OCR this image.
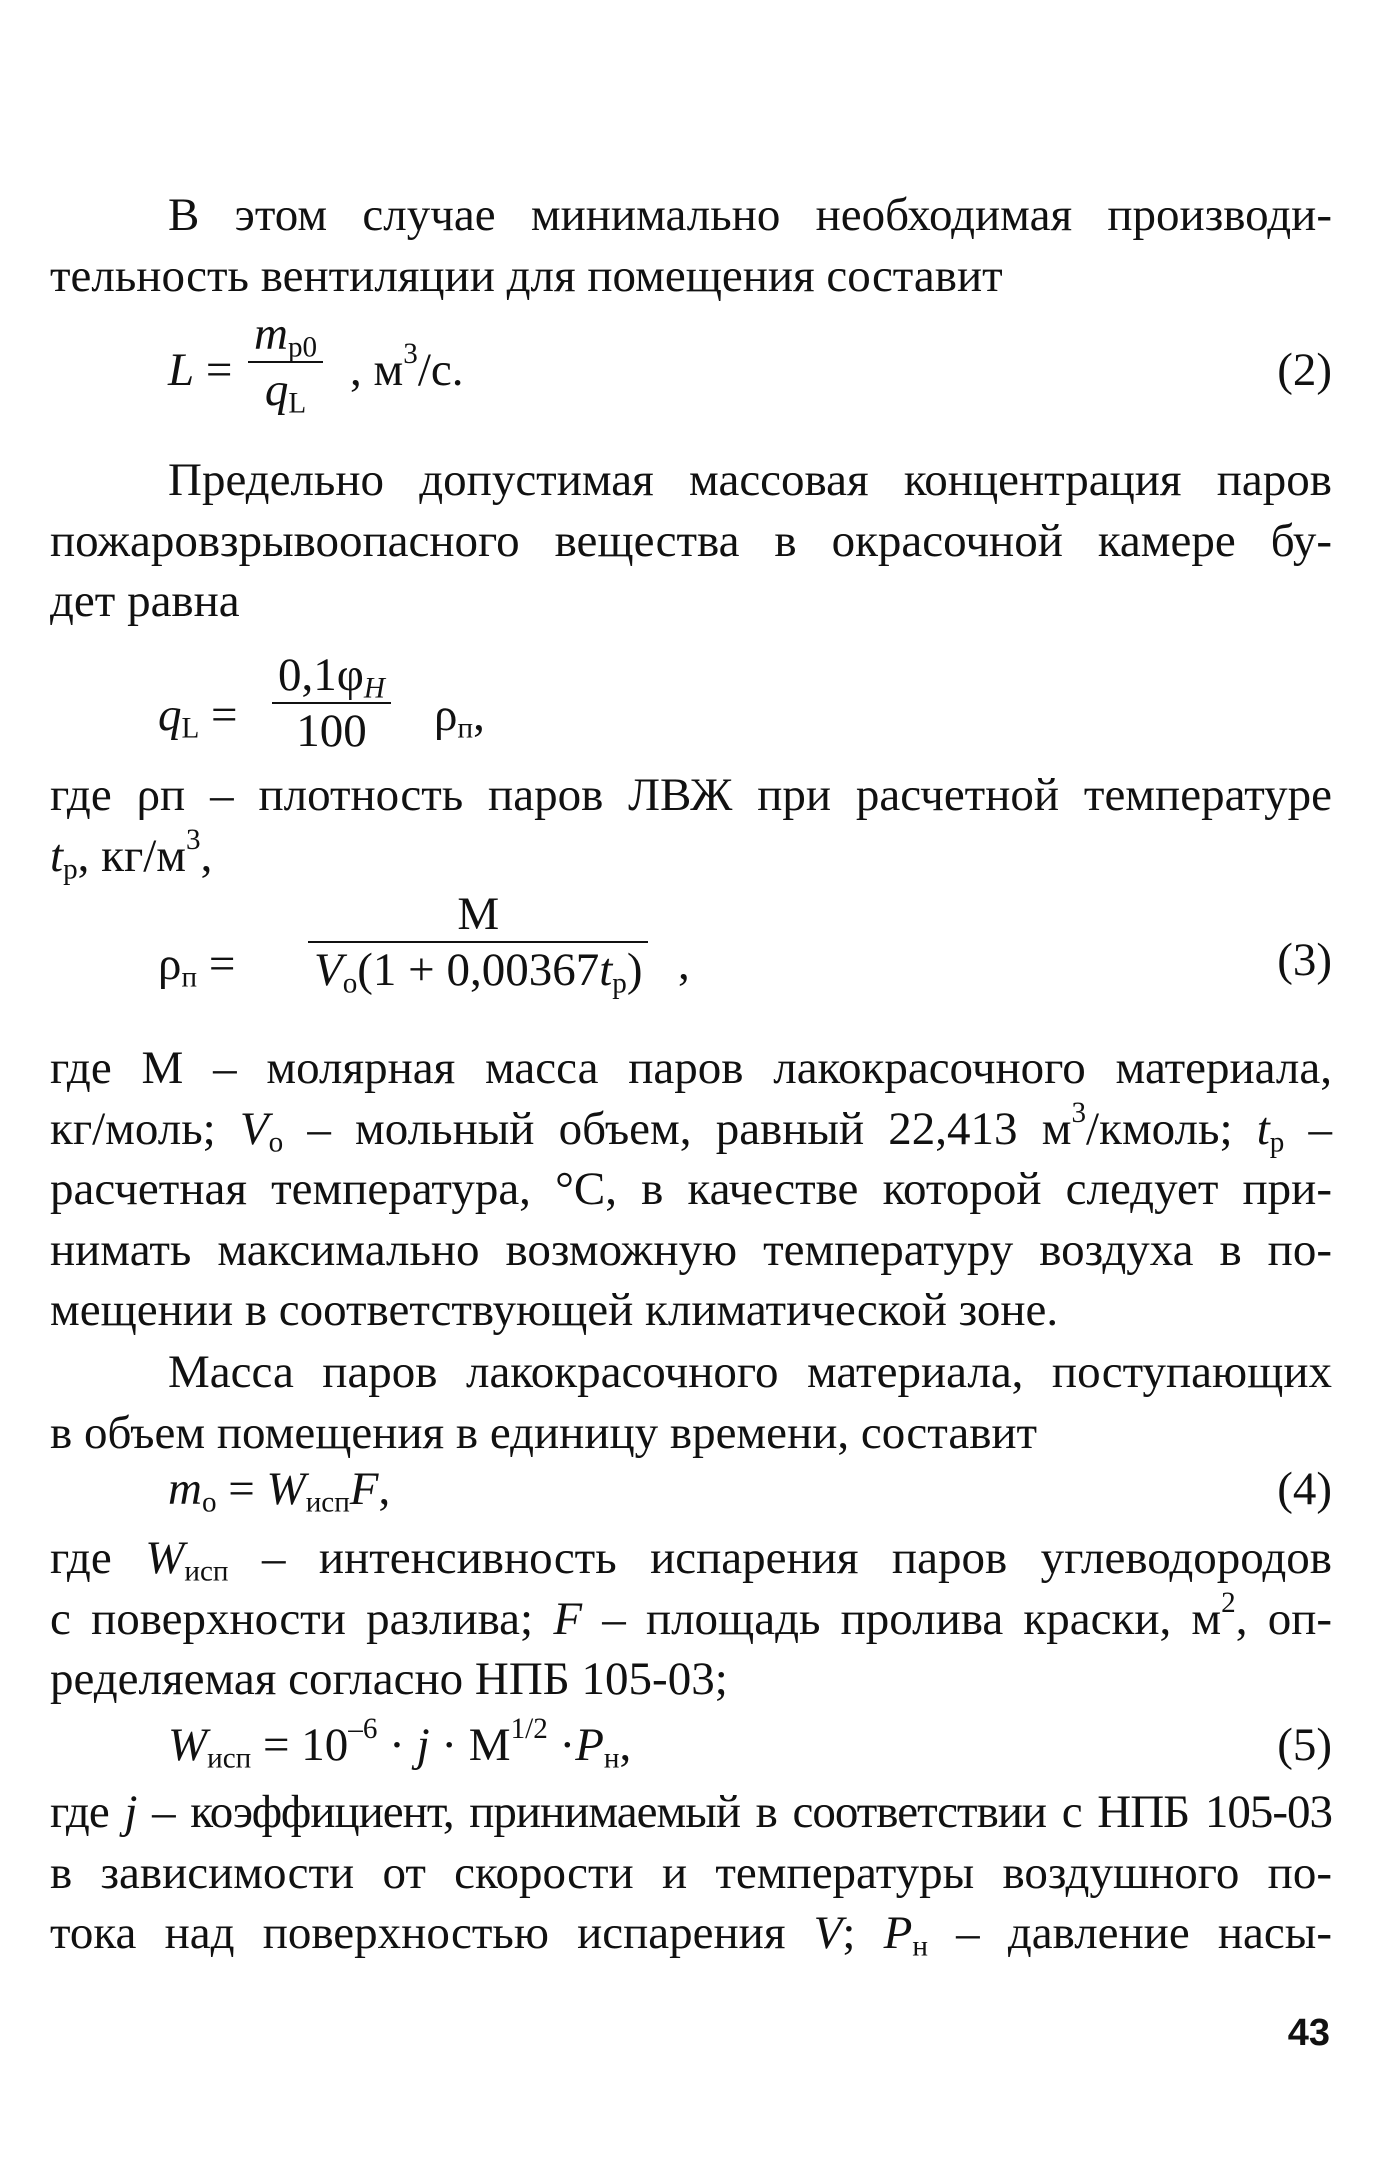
В этом случае минимально необходимая производи-
тельность вентиляции для помещения составит
L =
$m_{р0}$
$q_L$
, $м^3/с$.	(2)
Предельно допустимая массовая концентрация паров
пожаровзрывоопасного вещества в окрасочной камере бу-
дет равна
$q_L$ =
$0,1\varphi_H$
100	$\rho_п$,
где ρп – плотность паров ЛВЖ при расчетной температуре
$t_р$, $кг/м^3$,
$\rho_п$ =
M
$V_о(1 + 0,00367t_р)$ ,	(3)
где М – молярная масса паров лакокрасочного материала,
кг/моль; $V_о$ – мольный объем, равный 22,413 $м^3$/кмоль; $t_р$ –
расчетная температура, °С, в качестве которой следует при-
нимать максимально возможную температуру воздуха в по-
мещении в соответствующей климатической зоне.
Масса паров лакокрасочного материала, поступающих
в объем помещения в единицу времени, составит
$m_о = W_{исп}F$,	(4)
где $W_{исп}$ – интенсивность испарения паров углеводородов
с поверхности разлива; F – площадь пролива краски, $м^2$, оп-
ределяемая согласно НПБ 105-03;
$W_{исп} = 10^{-6} \cdot j \cdot M^{1/2} \cdot P_н$,	(5)
где j – коэффициент, принимаемый в соответствии с НПБ 105-03
в зависимости от скорости и температуры воздушного по-
тока над поверхностью испарения V; $P_н$ – давление насы-
43
